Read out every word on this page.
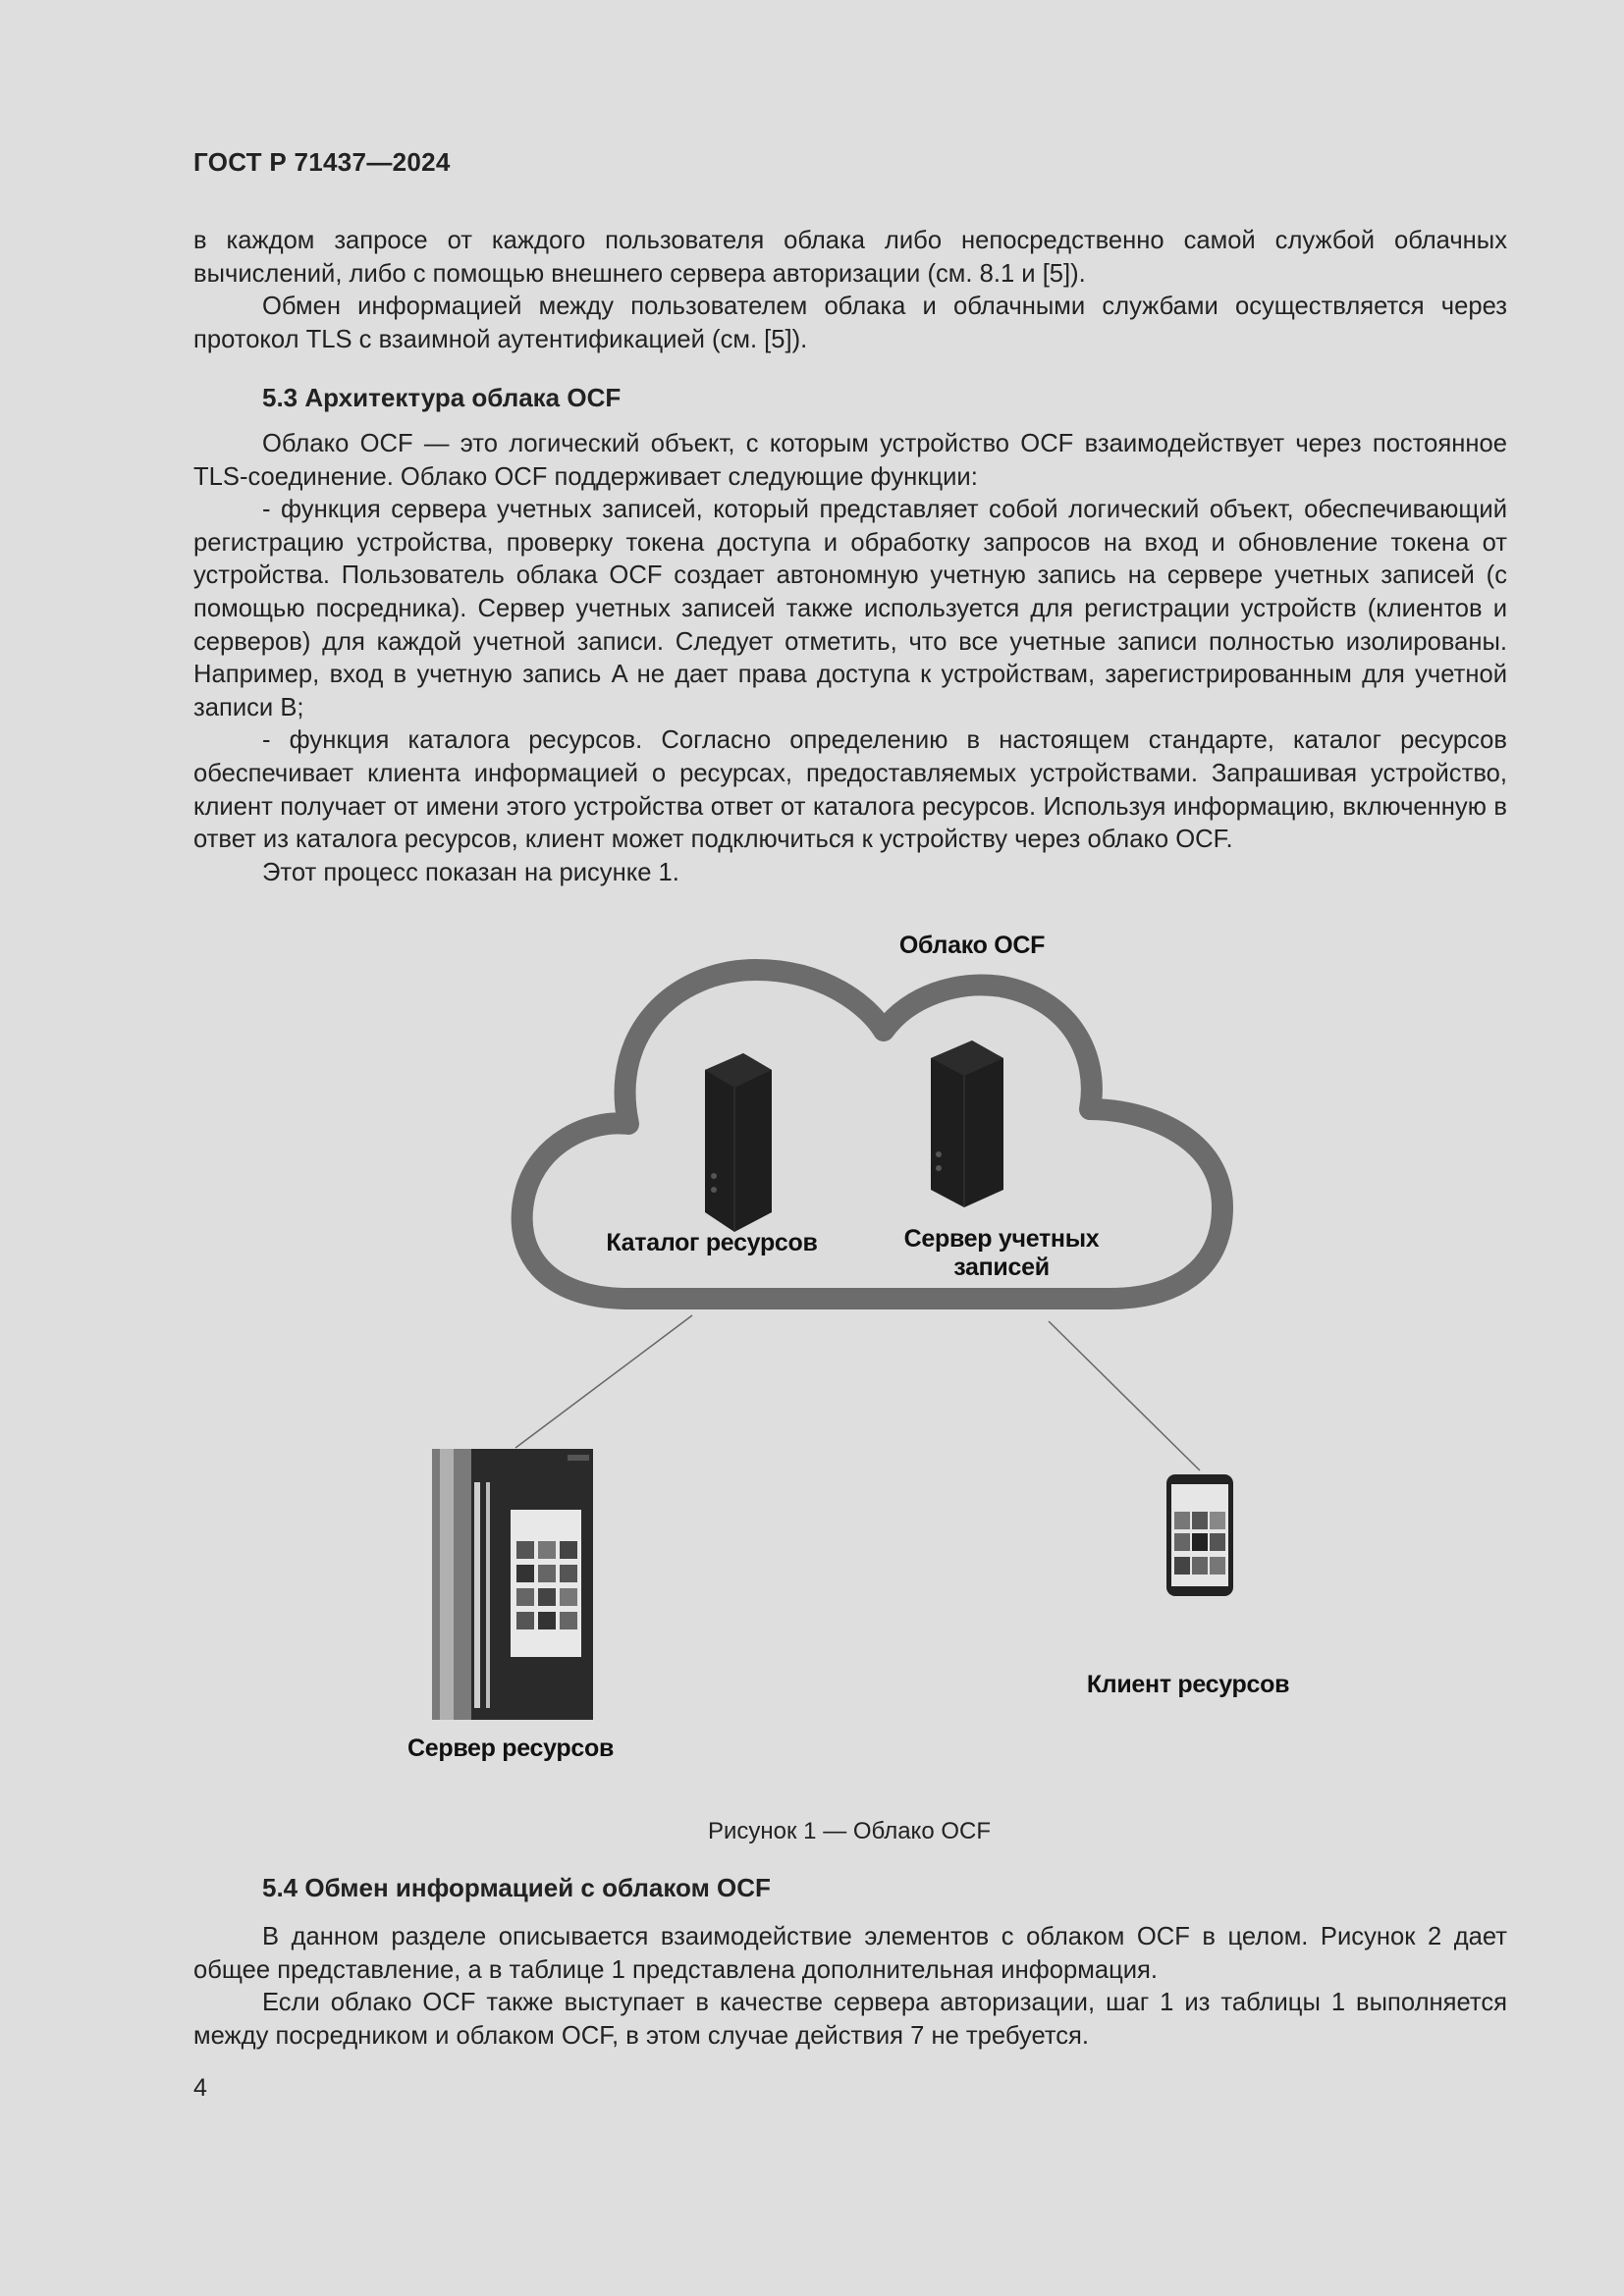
ГОСТ Р 71437—2024

в каждом запросе от каждого пользователя облака либо непосредственно самой службой облачных вычислений, либо с помощью внешнего сервера авторизации (см. 8.1 и [5]).

Обмен информацией между пользователем облака и облачными службами осуществляется через протокол TLS с взаимной аутентификацией (см. [5]).

5.3 Архитектура облака OCF

Облако OCF — это логический объект, с которым устройство OCF взаимодействует через постоянное TLS-соединение. Облако OCF поддерживает следующие функции:

- функция сервера учетных записей, который представляет собой логический объект, обеспечивающий регистрацию устройства, проверку токена доступа и обработку запросов на вход и обновление токена от устройства. Пользователь облака OCF создает автономную учетную запись на сервере учетных записей (с помощью посредника). Сервер учетных записей также используется для регистрации устройств (клиентов и серверов) для каждой учетной записи. Следует отметить, что все учетные записи полностью изолированы. Например, вход в учетную запись A не дает права доступа к устройствам, зарегистрированным для учетной записи B;

- функция каталога ресурсов. Согласно определению в настоящем стандарте, каталог ресурсов обеспечивает клиента информацией о ресурсах, предоставляемых устройствами. Запрашивая устройство, клиент получает от имени этого устройства ответ от каталога ресурсов. Используя информацию, включенную в ответ из каталога ресурсов, клиент может подключиться к устройству через облако OCF.

Этот процесс показан на рисунке 1.

Облако OCF
Каталог ресурсов	Сервер учетных
записей
Сервер ресурсов
Клиент ресурсов
Рисунок 1 — Облако OCF
5.4 Обмен информацией с облаком OCF

В данном разделе описывается взаимодействие элементов с облаком OCF в целом. Рисунок 2 дает общее представление, а в таблице 1 представлена дополнительная информация.

Если облако OCF также выступает в качестве сервера авторизации, шаг 1 из таблицы 1 выполняется между посредником и облаком OCF, в этом случае действия 7 не требуется.

4
